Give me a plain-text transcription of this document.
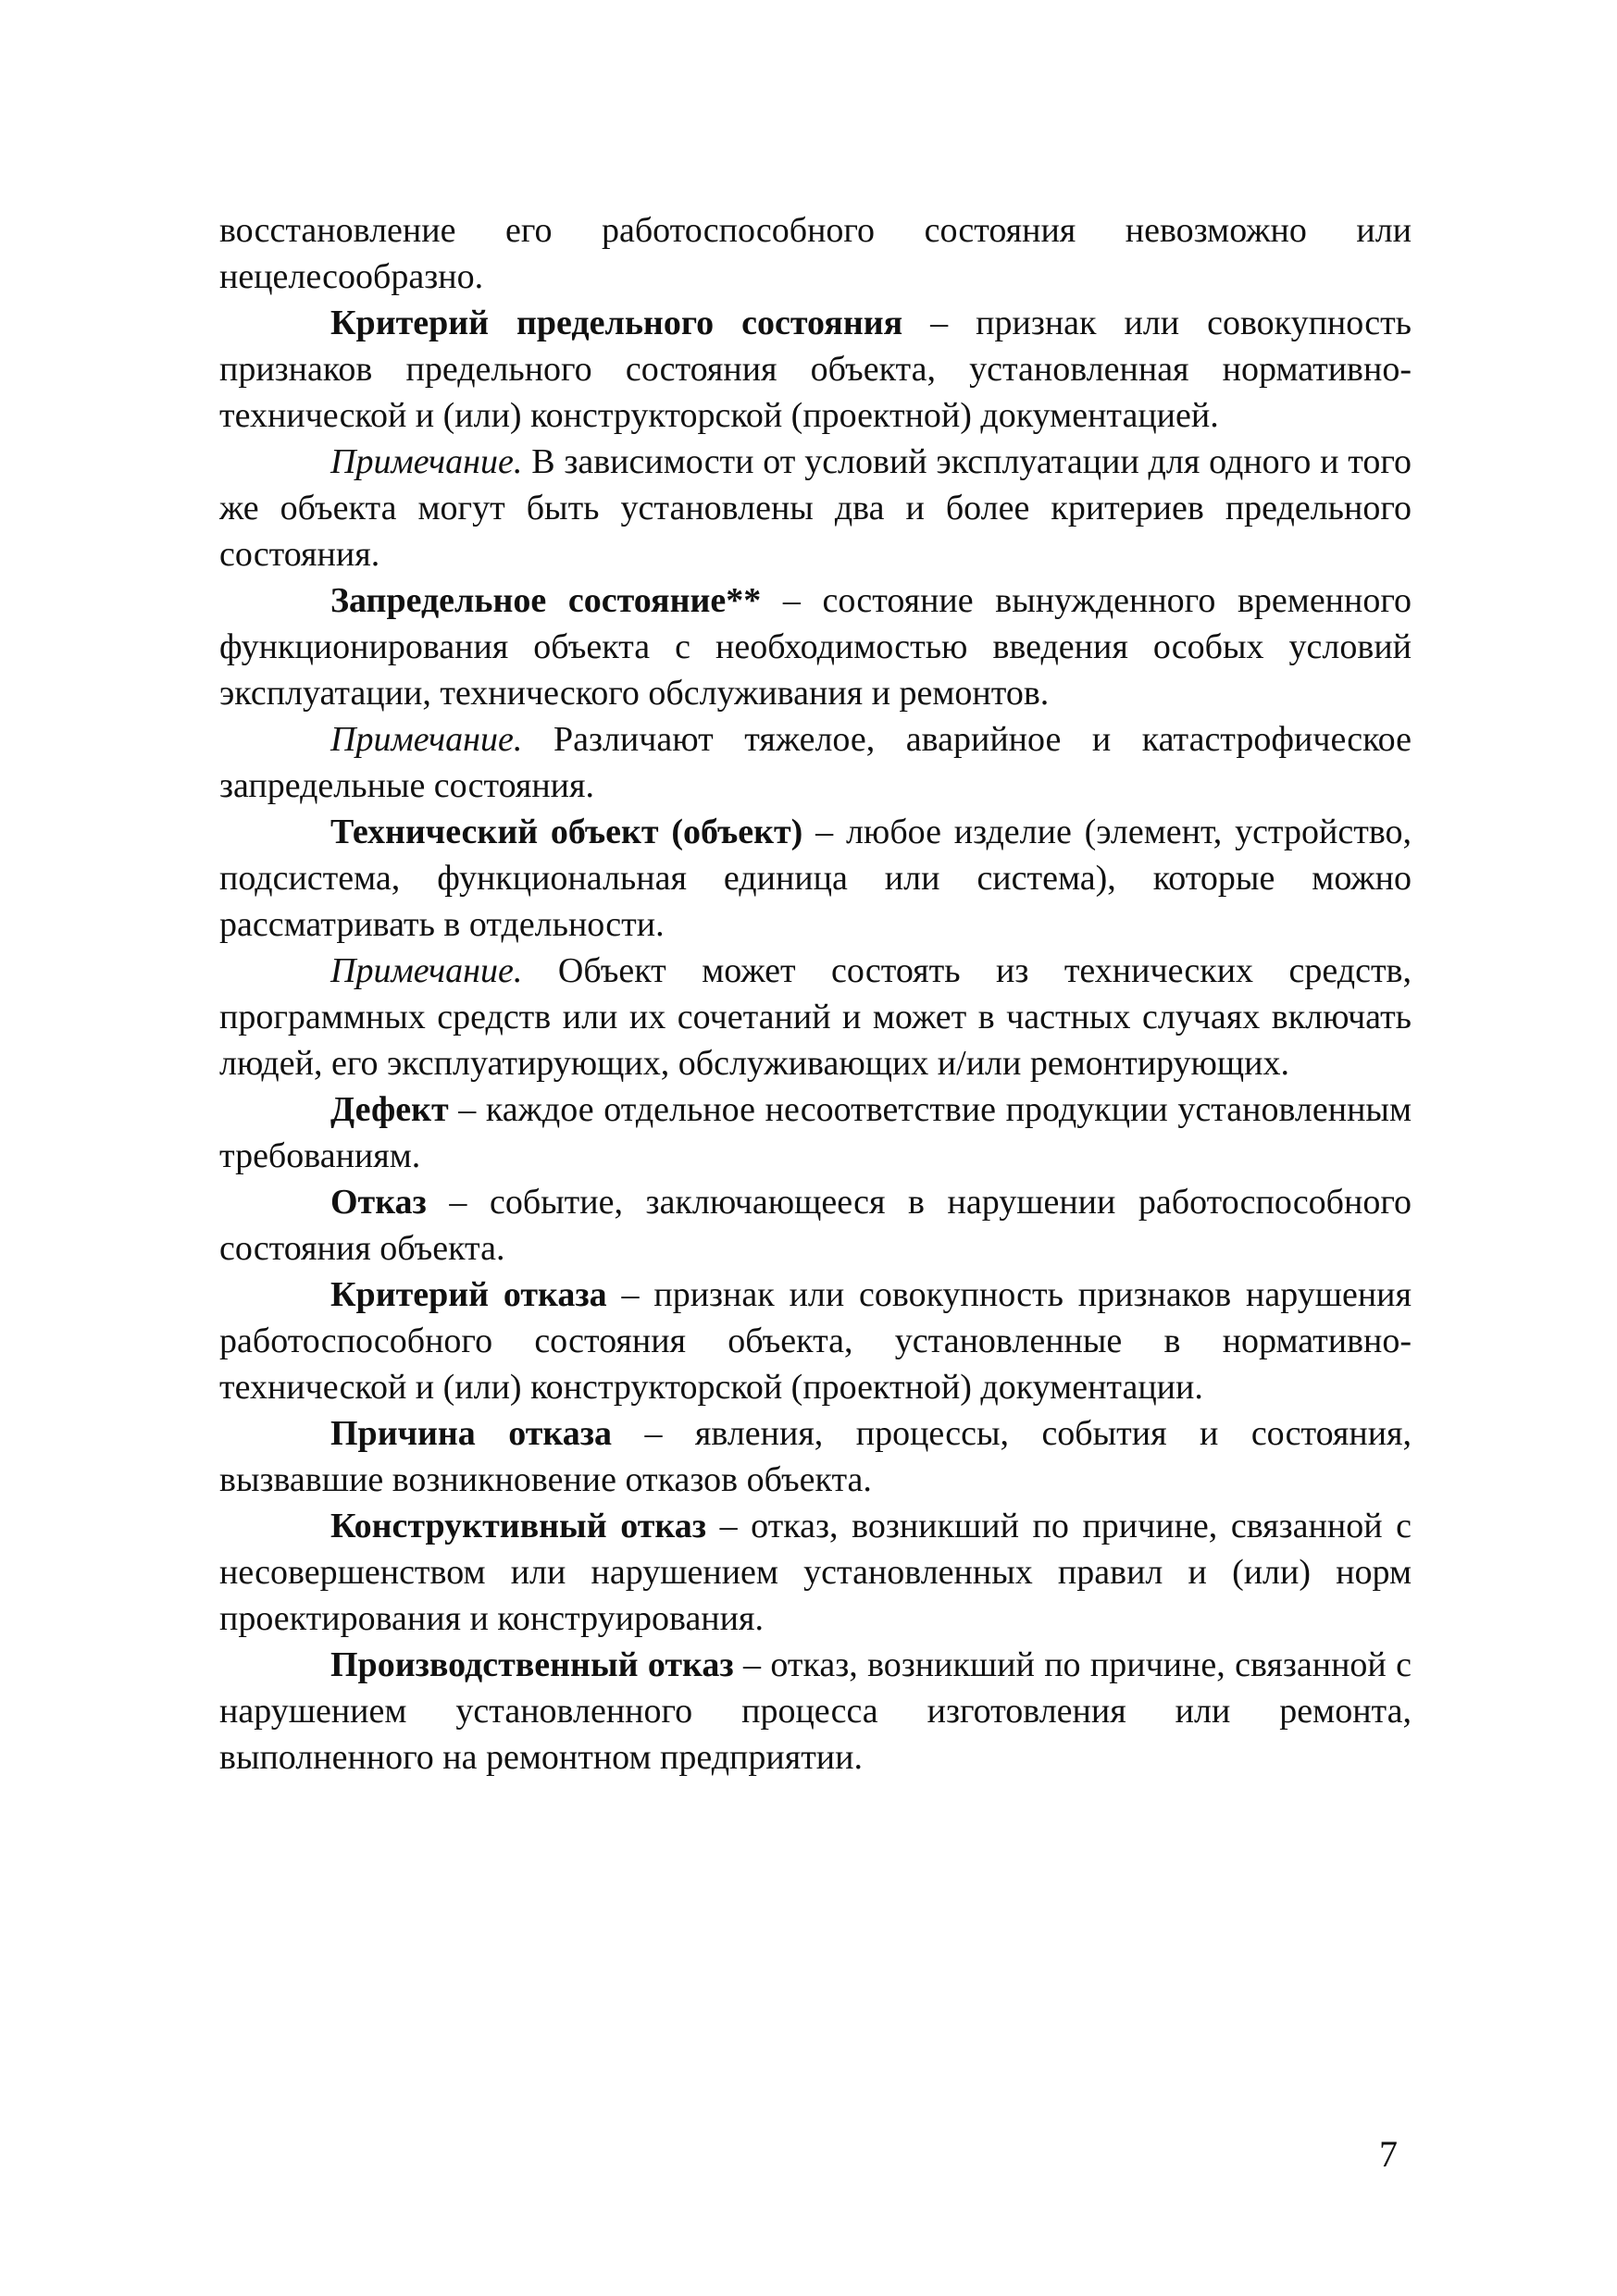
восстановление его работоспособного состояния невозможно или нецелесообразно.

Критерий предельного состояния – признак или совокупность признаков предельного состояния объекта, установленная нормативно-технической и (или) конструкторской (проектной) документацией.

Примечание. В зависимости от условий эксплуатации для одного и того же объекта могут быть установлены два и более критериев предельного состояния.

Запредельное состояние** – состояние вынужденного временного функционирования объекта с необходимостью введения особых условий эксплуатации, технического обслуживания и ремонтов.

Примечание. Различают тяжелое, аварийное и катастрофическое запредельные состояния.

Технический объект (объект) – любое изделие (элемент, устройство, подсистема, функциональная единица или система), которые можно рассматривать в отдельности.

Примечание. Объект может состоять из технических средств, программных средств или их сочетаний и может в частных случаях включать людей, его эксплуатирующих, обслуживающих и/или ремонтирующих.

Дефект – каждое отдельное несоответствие продукции установленным требованиям.

Отказ – событие, заключающееся в нарушении работоспособного состояния объекта.

Критерий отказа – признак или совокупность признаков нарушения работоспособного состояния объекта, установленные в нормативно-технической и (или) конструкторской (проектной) документации.

Причина отказа – явления, процессы, события и состояния, вызвавшие возникновение отказов объекта.

Конструктивный отказ – отказ, возникший по причине, связанной с несовершенством или нарушением установленных правил и (или) норм проектирования и конструирования.

Производственный отказ – отказ, возникший по причине, связанной с нарушением установленного процесса изготовления или ремонта, выполненного на ремонтном предприятии.

7
